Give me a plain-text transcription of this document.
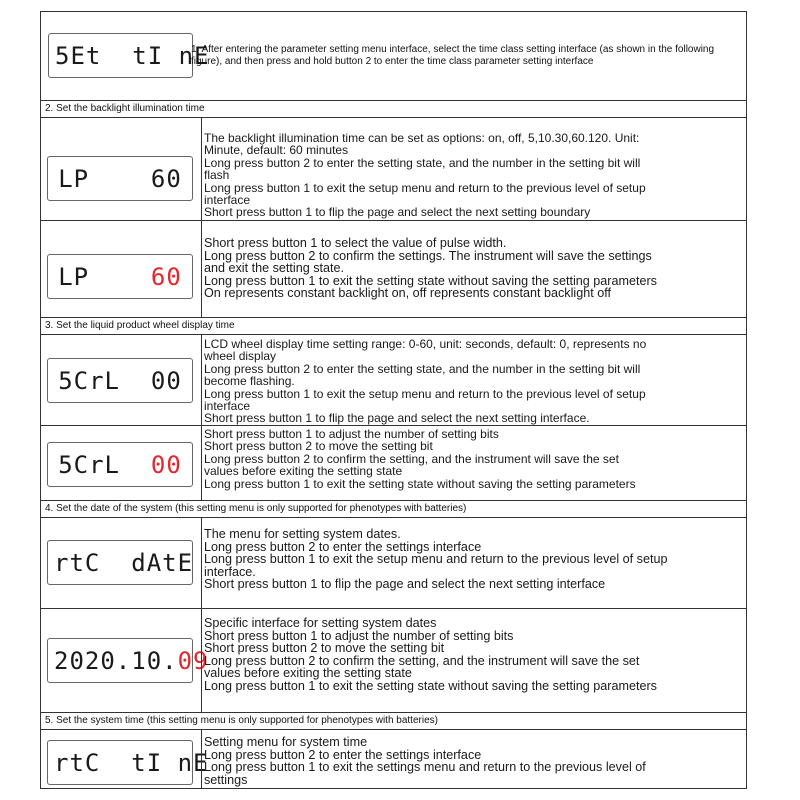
5Et  tI nE
1. After entering the parameter setting menu interface, select the time class setting interface (as shown in the following figure), and then press and hold button 2 to enter the time class parameter setting interface
2. Set the backlight illumination time
LP    60
The backlight illumination time can be set as options: on, off, 5,10.30,60.120. Unit:
Minute, default: 60 minutes
Long press button 2 to enter the setting state, and the number in the setting bit will
flash
Long press button 1 to exit the setup menu and return to the previous level of setup
interface
Short press button 1 to flip the page and select the next setting boundary
LP    60
Short press button 1 to select the value of pulse width.
Long press button 2 to confirm the settings. The instrument will save the settings
and exit the setting state.
Long press button 1 to exit the setting state without saving the setting parameters
On represents constant backlight on, off represents constant backlight off
3. Set the liquid product wheel display time
5CrL  00
LCD wheel display time setting range: 0-60, unit: seconds, default: 0, represents no
wheel display
Long press button 2 to enter the setting state, and the number in the setting bit will
become flashing.
Long press button 1 to exit the setup menu and return to the previous level of setup
interface
Short press button 1 to flip the page and select the next setting interface.
5CrL  00
Short press button 1 to adjust the number of setting bits
Short press button 2 to move the setting bit
Long press button 2 to confirm the setting, and the instrument will save the set
values before exiting the setting state
Long press button 1 to exit the setting state without saving the setting parameters
4. Set the date of the system (this setting menu is only supported for phenotypes with batteries)
rtC  dAtE
The menu for setting system dates.
Long press button 2 to enter the settings interface
Long press button 1 to exit the setup menu and return to the previous level of setup
interface.
Short press button 1 to flip the page and select the next setting interface
2020.10.09
Specific interface for setting system dates
Short press button 1 to adjust the number of setting bits
Short press button 2 to move the setting bit
Long press button 2 to confirm the setting, and the instrument will save the set
values before exiting the setting state
Long press button 1 to exit the setting state without saving the setting parameters
5. Set the system time (this setting menu is only supported for phenotypes with batteries)
rtC  tI nE
Setting menu for system time
Long press button 2 to enter the settings interface
Long press button 1 to exit the settings menu and return to the previous level of
settings
